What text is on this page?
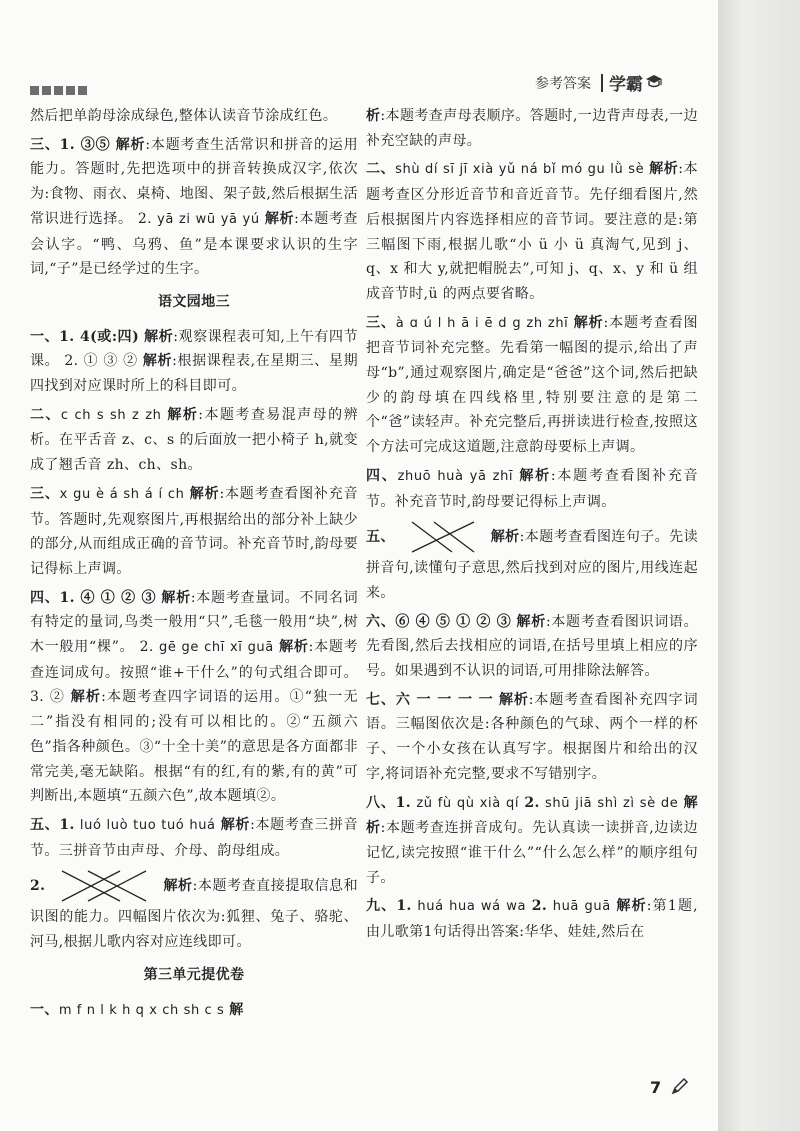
参考答案 学霸

然后把单韵母涂成绿色,整体认读音节涂成红色。

三、1. ③⑤ 解析:本题考查生活常识和拼音的运用能力。答题时,先把选项中的拼音转换成汉字,依次为:食物、雨衣、桌椅、地图、架子鼓,然后根据生活常识进行选择。 2. yā zi wū yā yú 解析:本题考查会认字。“鸭、乌鸦、鱼”是本课要求认识的生字词,“子”是已经学过的生字。

语文园地三

一、1. 4(或:四) 解析:观察课程表可知,上午有四节课。 2. ① ③ ② 解析:根据课程表,在星期三、星期四找到对应课时所上的科目即可。

二、c ch s sh z zh 解析:本题考查易混声母的辨析。在平舌音 z、c、s 的后面放一把小椅子 h,就变成了翘舌音 zh、ch、sh。

三、x gu è á sh á í ch 解析:本题考查看图补充音节。答题时,先观察图片,再根据给出的部分补上缺少的部分,从而组成正确的音节词。补充音节时,韵母要记得标上声调。

四、1. ④ ① ② ③ 解析:本题考查量词。不同名词有特定的量词,鸟类一般用“只”,毛毯一般用“块”,树木一般用“棵”。 2. gē ge chī xī guā 解析:本题考查连词成句。按照“谁+干什么”的句式组合即可。 3. ② 解析:本题考查四字词语的运用。①“独一无二”指没有相同的;没有可以相比的。②“五颜六色”指各种颜色。③“十全十美”的意思是各方面都非常完美,毫无缺陷。根据“有的红,有的紫,有的黄”可判断出,本题填“五颜六色”,故本题填②。

五、1. luó luò tuo tuó huá 解析:本题考查三拼音节。三拼音节由声母、介母、韵母组成。

2.	解析:本题考查直接提取信息和识图的能力。四幅图片依次为:狐狸、兔子、骆驼、河马,根据儿歌内容对应连线即可。

第三单元提优卷

一、m f n l k h q x ch sh c s 解

析:本题考查声母表顺序。答题时,一边背声母表,一边补充空缺的声母。

二、shù dí sī jī xià yǔ ná bǐ mó gu lǜ sè 解析:本题考查区分形近音节和音近音节。先仔细看图片,然后根据图片内容选择相应的音节词。要注意的是:第三幅图下雨,根据儿歌“小 ü 小 ü 真淘气,见到 j、q、x 和大 y,就把帽脱去”,可知 j、q、x、y 和 ü 组成音节时,ü 的两点要省略。

三、à ɑ ú l h ā i ē d g zh zhī 解析:本题考查看图把音节词补充完整。先看第一幅图的提示,给出了声母“b”,通过观察图片,确定是“爸爸”这个词,然后把缺少的韵母填在四线格里,特别要注意的是第二个“爸”读轻声。补充完整后,再拼读进行检查,按照这个方法可完成这道题,注意韵母要标上声调。

四、zhuō huà yā zhī 解析:本题考查看图补充音节。补充音节时,韵母要记得标上声调。

五、	解析:本题考查看图连句子。先读拼音句,读懂句子意思,然后找到对应的图片,用线连起来。

六、⑥ ④ ⑤ ① ② ③ 解析:本题考查看图识词语。先看图,然后去找相应的词语,在括号里填上相应的序号。如果遇到不认识的词语,可用排除法解答。

七、六 一 一 一 一 解析:本题考查看图补充四字词语。三幅图依次是:各种颜色的气球、两个一样的杯子、一个小女孩在认真写字。根据图片和给出的汉字,将词语补充完整,要求不写错别字。

八、1. zǔ fù qù xià qí 2. shū jiā shì zì sè de 解析:本题考查连拼音成句。先认真读一读拼音,边读边记忆,读完按照“谁干什么”“什么怎么样”的顺序组句子。

九、1. huá hua wá wa 2. huā guā 解析:第1题,由儿歌第1句话得出答案:华华、娃娃,然后在

7
